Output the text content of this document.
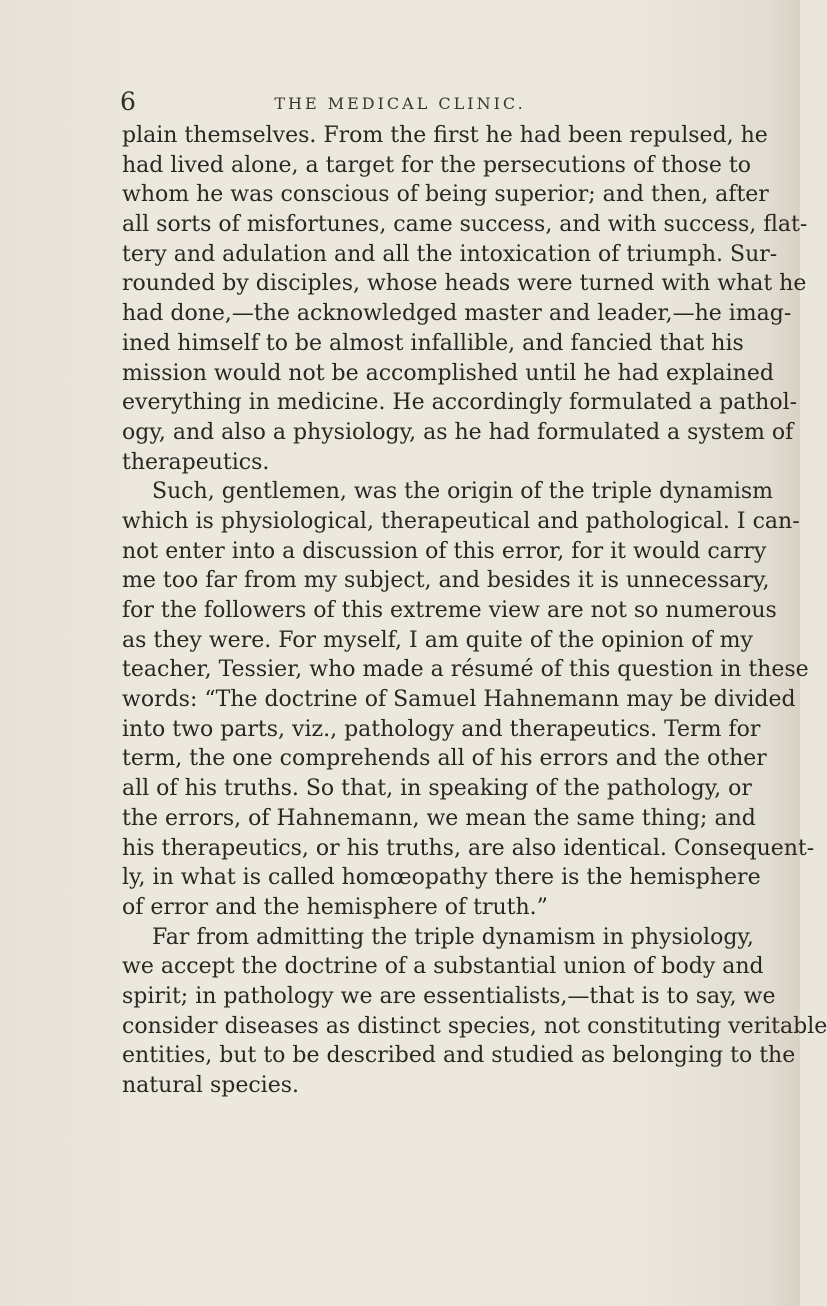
6	THE MEDICAL CLINIC.
plain themselves. From the first he had been repulsed, he
had lived alone, a target for the persecutions of those to
whom he was conscious of being superior; and then, after
all sorts of misfortunes, came success, and with success, flat-
tery and adulation and all the intoxication of triumph. Sur-
rounded by disciples, whose heads were turned with what he
had done,—the acknowledged master and leader,—he imag-
ined himself to be almost infallible, and fancied that his
mission would not be accomplished until he had explained
everything in medicine. He accordingly formulated a pathol-
ogy, and also a physiology, as he had formulated a system of
therapeutics.
Such, gentlemen, was the origin of the triple dynamism
which is physiological, therapeutical and pathological. I can-
not enter into a discussion of this error, for it would carry
me too far from my subject, and besides it is unnecessary,
for the followers of this extreme view are not so numerous
as they were. For myself, I am quite of the opinion of my
teacher, Tessier, who made a résumé of this question in these
words: “The doctrine of Samuel Hahnemann may be divided
into two parts, viz., pathology and therapeutics. Term for
term, the one comprehends all of his errors and the other
all of his truths. So that, in speaking of the pathology, or
the errors, of Hahnemann, we mean the same thing; and
his therapeutics, or his truths, are also identical. Consequent-
ly, in what is called homœopathy there is the hemisphere
of error and the hemisphere of truth.”
Far from admitting the triple dynamism in physiology,
we accept the doctrine of a substantial union of body and
spirit; in pathology we are essentialists,—that is to say, we
consider diseases as distinct species, not constituting veritable
entities, but to be described and studied as belonging to the
natural species.
